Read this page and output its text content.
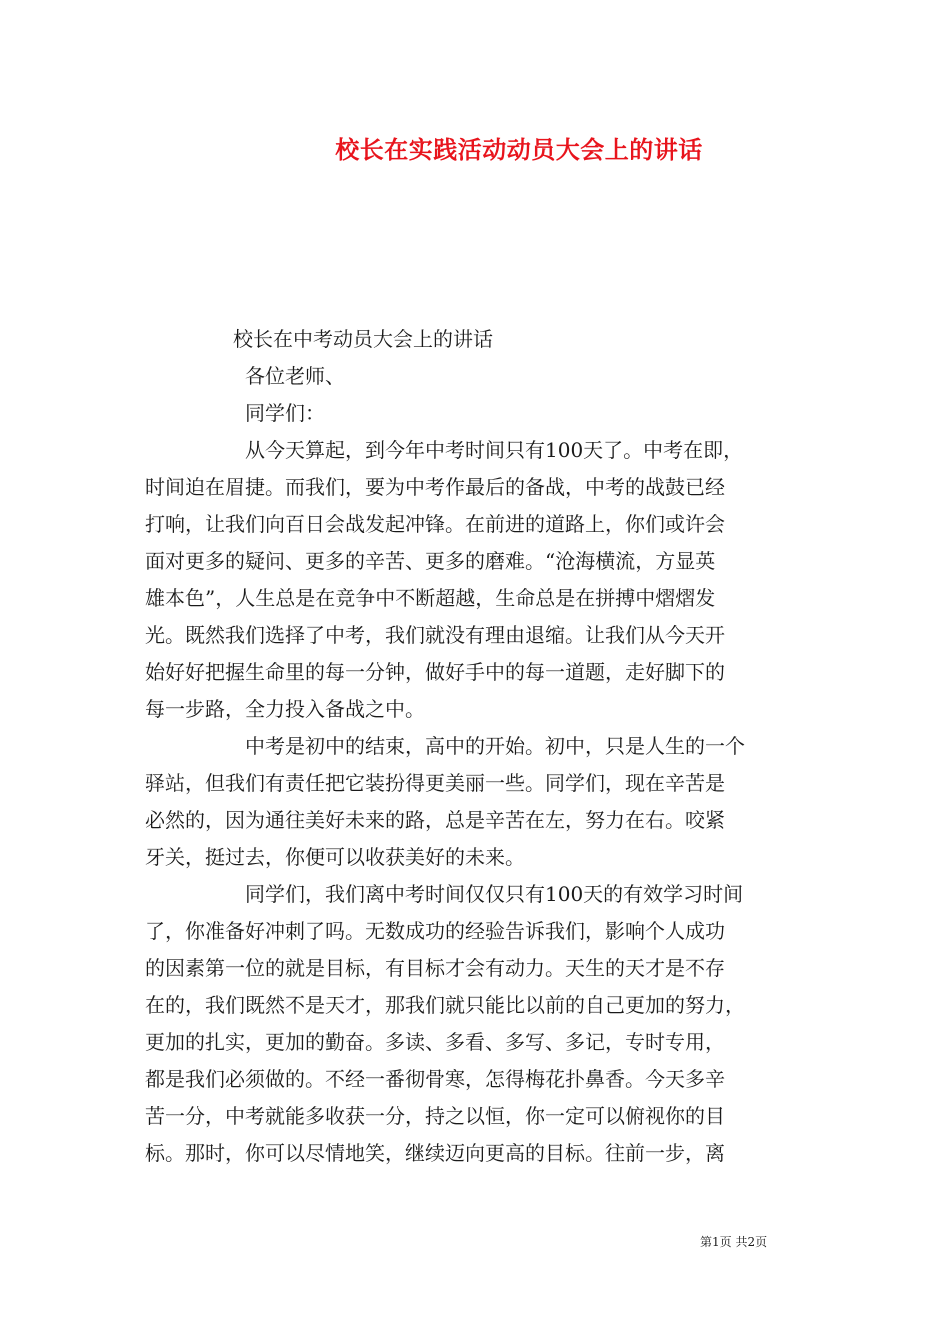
校长在实践活动动员大会上的讲话
校长在中考动员大会上的讲话
各位老师、
同学们：
从今天算起，到今年中考时间只有100天了。中考在即，
时间迫在眉捷。而我们，要为中考作最后的备战，中考的战鼓已经
打响，让我们向百日会战发起冲锋。在前进的道路上，你们或许会
面对更多的疑问、更多的辛苦、更多的磨难。“沧海横流，方显英
雄本色”，人生总是在竞争中不断超越，生命总是在拼搏中熠熠发
光。既然我们选择了中考，我们就没有理由退缩。让我们从今天开
始好好把握生命里的每一分钟，做好手中的每一道题，走好脚下的
每一步路，全力投入备战之中。
中考是初中的结束，高中的开始。初中，只是人生的一个
驿站，但我们有责任把它装扮得更美丽一些。同学们，现在辛苦是
必然的，因为通往美好未来的路，总是辛苦在左，努力在右。咬紧
牙关，挺过去，你便可以收获美好的未来。
同学们，我们离中考时间仅仅只有100天的有效学习时间
了，你准备好冲刺了吗。无数成功的经验告诉我们，影响个人成功
的因素第一位的就是目标，有目标才会有动力。天生的天才是不存
在的，我们既然不是天才，那我们就只能比以前的自己更加的努力，
更加的扎实，更加的勤奋。多读、多看、多写、多记，专时专用，
都是我们必须做的。不经一番彻骨寒，怎得梅花扑鼻香。今天多辛
苦一分，中考就能多收获一分，持之以恒，你一定可以俯视你的目
标。那时，你可以尽情地笑，继续迈向更高的目标。往前一步，离
第1页 共2页
